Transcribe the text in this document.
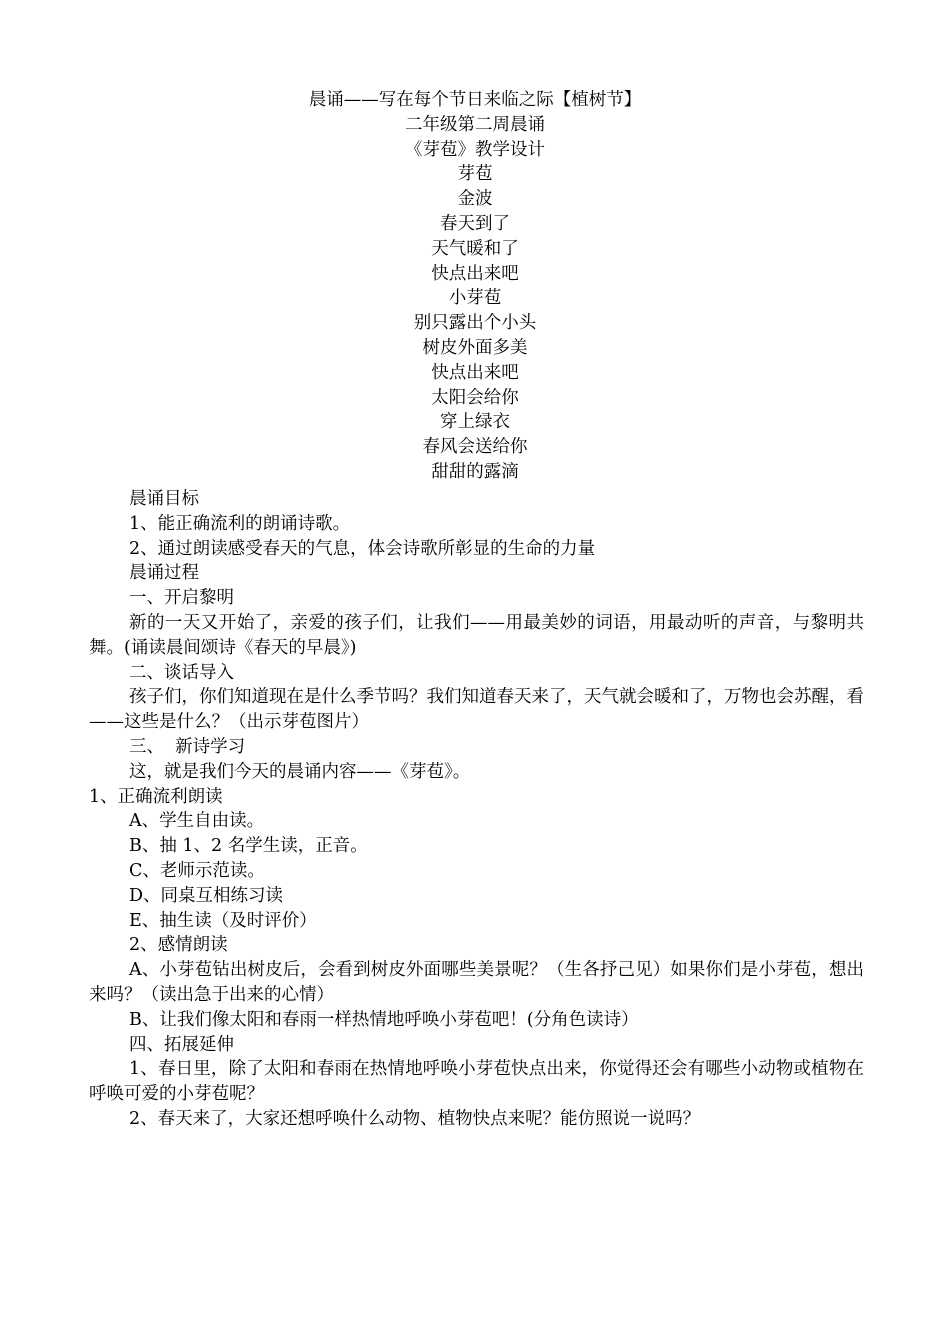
晨诵——写在每个节日来临之际【植树节】
二年级第二周晨诵
《芽苞》教学设计
芽苞
金波
春天到了
天气暖和了
快点出来吧
小芽苞
别只露出个小头
树皮外面多美
快点出来吧
太阳会给你
穿上绿衣
春风会送给你
甜甜的露滴

晨诵目标

1、能正确流利的朗诵诗歌。

2、通过朗读感受春天的气息，体会诗歌所彰显的生命的力量

晨诵过程

一、开启黎明

新的一天又开始了，亲爱的孩子们，让我们——用最美妙的词语，用最动听的声音，与黎明共舞。(诵读晨间颂诗《春天的早晨》)

二、谈话导入

孩子们，你们知道现在是什么季节吗？我们知道春天来了，天气就会暖和了，万物也会苏醒，看——这些是什么？（出示芽苞图片）

三、  新诗学习

这，就是我们今天的晨诵内容——《芽苞》。

1、正确流利朗读

A、学生自由读。

B、抽 1、2 名学生读，正音。

C、老师示范读。

D、同桌互相练习读

E、抽生读（及时评价）

2、感情朗读

A、小芽苞钻出树皮后，会看到树皮外面哪些美景呢？（生各抒己见）如果你们是小芽苞，想出来吗？（读出急于出来的心情）

B、让我们像太阳和春雨一样热情地呼唤小芽苞吧！(分角色读诗）

四、拓展延伸

1、春日里，除了太阳和春雨在热情地呼唤小芽苞快点出来，你觉得还会有哪些小动物或植物在呼唤可爱的小芽苞呢？

2、春天来了，大家还想呼唤什么动物、植物快点来呢？能仿照说一说吗？
